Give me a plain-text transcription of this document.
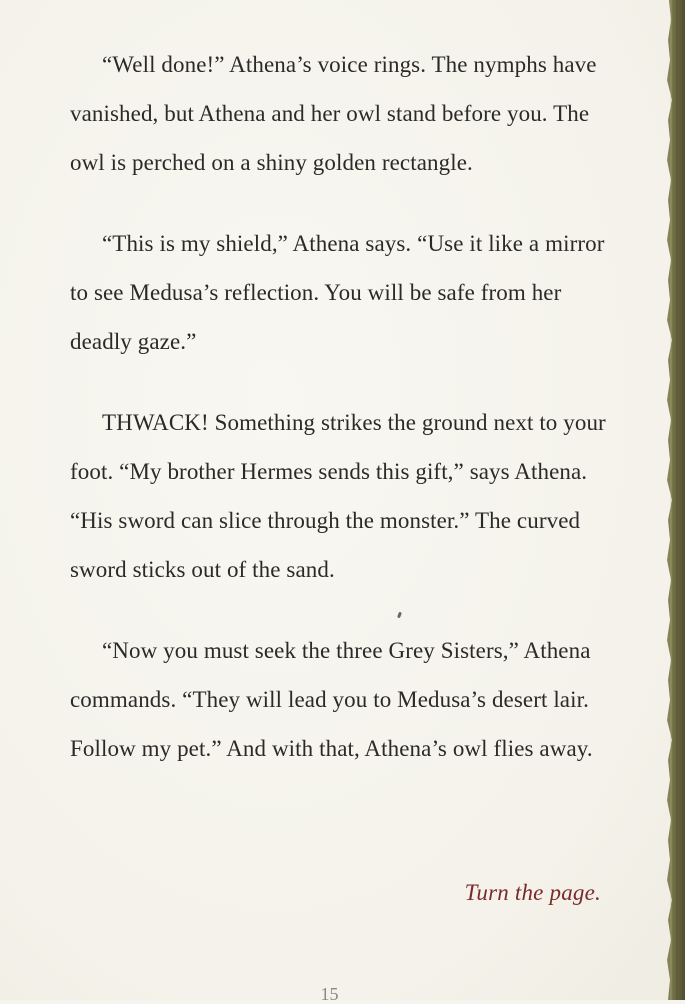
“Well done!” Athena’s voice rings. The nymphs have vanished, but Athena and her owl stand before you. The owl is perched on a shiny golden rectangle.

“This is my shield,” Athena says. “Use it like a mirror to see Medusa’s reflection. You will be safe from her deadly gaze.”

THWACK! Something strikes the ground next to your foot. “My brother Hermes sends this gift,” says Athena. “His sword can slice through the monster.” The curved sword sticks out of the sand.

“Now you must seek the three Grey Sisters,” Athena commands. “They will lead you to Medusa’s desert lair. Follow my pet.” And with that, Athena’s owl flies away.

Turn the page.
15
